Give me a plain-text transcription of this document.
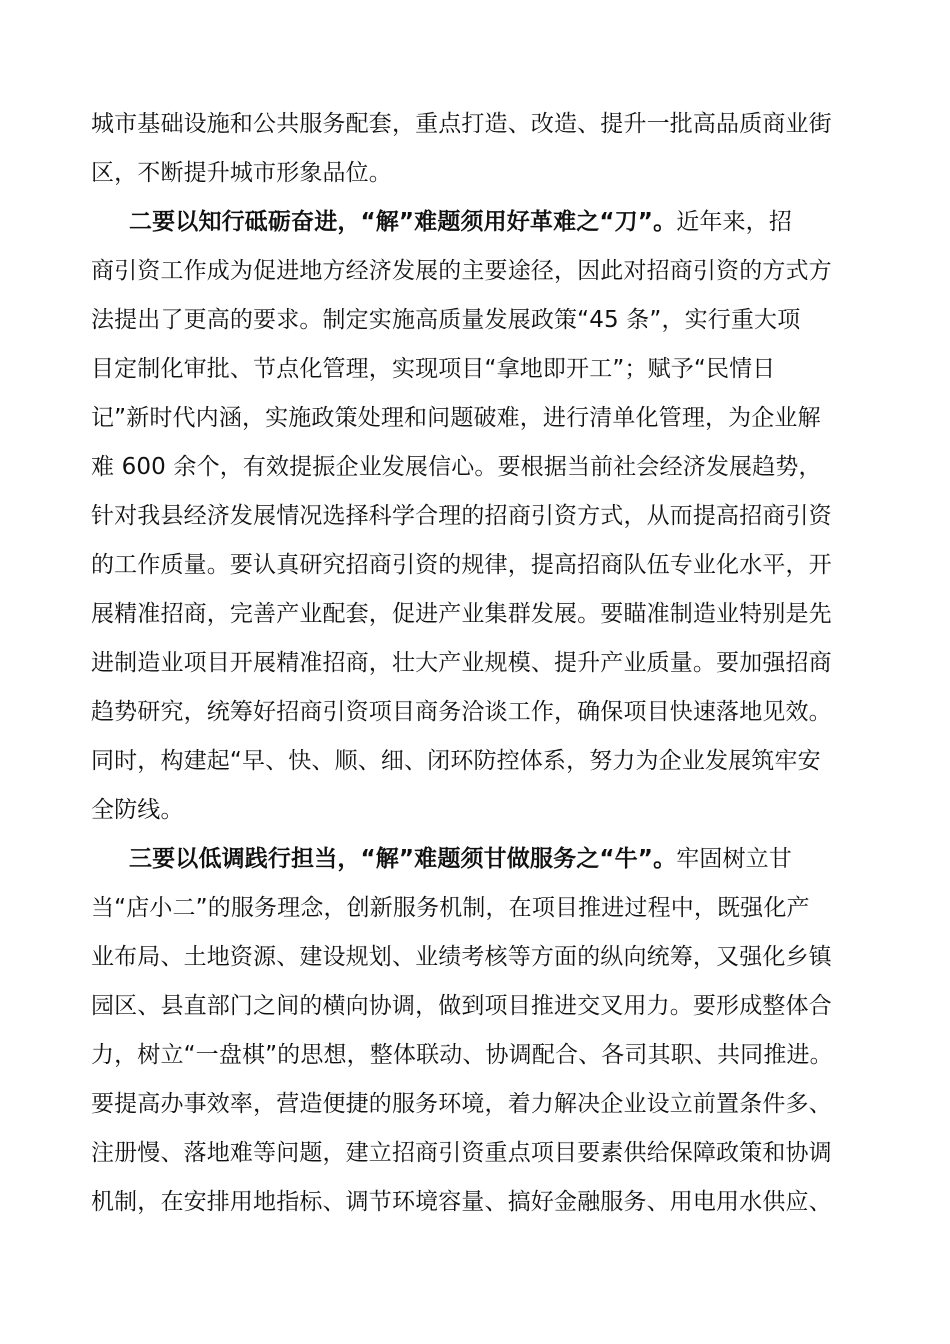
城市基础设施和公共服务配套，重点打造、改造、提升一批高品质商业街
区，不断提升城市形象品位。
二要以知行砥砺奋进，“解”难题须用好革难之“刀”。近年来，招
商引资工作成为促进地方经济发展的主要途径，因此对招商引资的方式方
法提出了更高的要求。制定实施高质量发展政策“45 条”，实行重大项
目定制化审批、节点化管理，实现项目“拿地即开工”；赋予“民情日
记”新时代内涵，实施政策处理和问题破难，进行清单化管理，为企业解
难 600 余个，有效提振企业发展信心。要根据当前社会经济发展趋势，
针对我县经济发展情况选择科学合理的招商引资方式，从而提高招商引资
的工作质量。要认真研究招商引资的规律，提高招商队伍专业化水平，开
展精准招商，完善产业配套，促进产业集群发展。要瞄准制造业特别是先
进制造业项目开展精准招商，壮大产业规模、提升产业质量。要加强招商
趋势研究，统筹好招商引资项目商务洽谈工作，确保项目快速落地见效。
同时，构建起“早、快、顺、细、闭环防控体系，努力为企业发展筑牢安
全防线。
三要以低调践行担当，“解”难题须甘做服务之“牛”。牢固树立甘
当“店小二”的服务理念，创新服务机制，在项目推进过程中，既强化产
业布局、土地资源、建设规划、业绩考核等方面的纵向统筹，又强化乡镇
园区、县直部门之间的横向协调，做到项目推进交叉用力。要形成整体合
力，树立“一盘棋”的思想，整体联动、协调配合、各司其职、共同推进。
要提高办事效率，营造便捷的服务环境，着力解决企业设立前置条件多、
注册慢、落地难等问题，建立招商引资重点项目要素供给保障政策和协调
机制，在安排用地指标、调节环境容量、搞好金融服务、用电用水供应、
